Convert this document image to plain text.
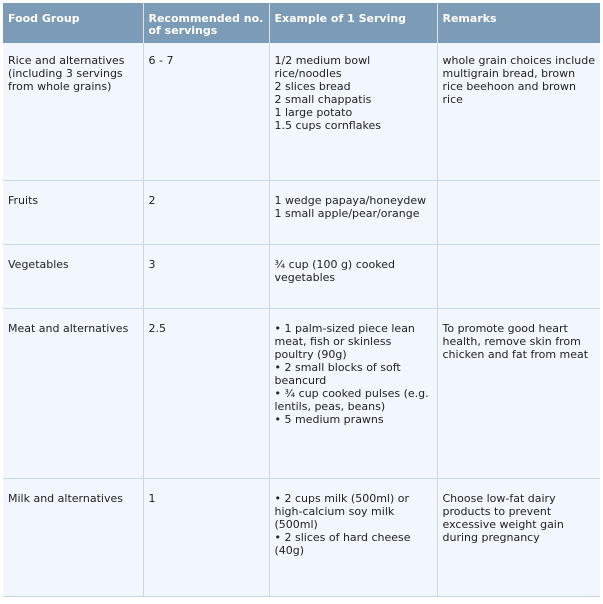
Food Group	Recommended no. of servings	Example of 1 Serving	Remarks
Rice and alternatives (including 3 servings from whole grains)	6 - 7	1/2 medium bowl rice/noodles
2 slices bread
2 small chappatis
1 large potato
1.5 cups cornflakes	whole grain choices include multigrain bread, brown rice beehoon and brown rice
Fruits	2	1 wedge papaya/honeydew
1 small apple/pear/orange	
Vegetables	3	¾ cup (100 g) cooked vegetables	
Meat and alternatives	2.5	• 1 palm-sized piece lean meat, fish or skinless poultry (90g)
• 2 small blocks of soft beancurd
• ¾ cup cooked pulses (e.g. lentils, peas, beans)
• 5 medium prawns	To promote good heart health, remove skin from chicken and fat from meat
Milk and alternatives	1	• 2 cups milk (500ml) or high-calcium soy milk (500ml)
• 2 slices of hard cheese (40g)	Choose low-fat dairy products to prevent excessive weight gain during pregnancy
